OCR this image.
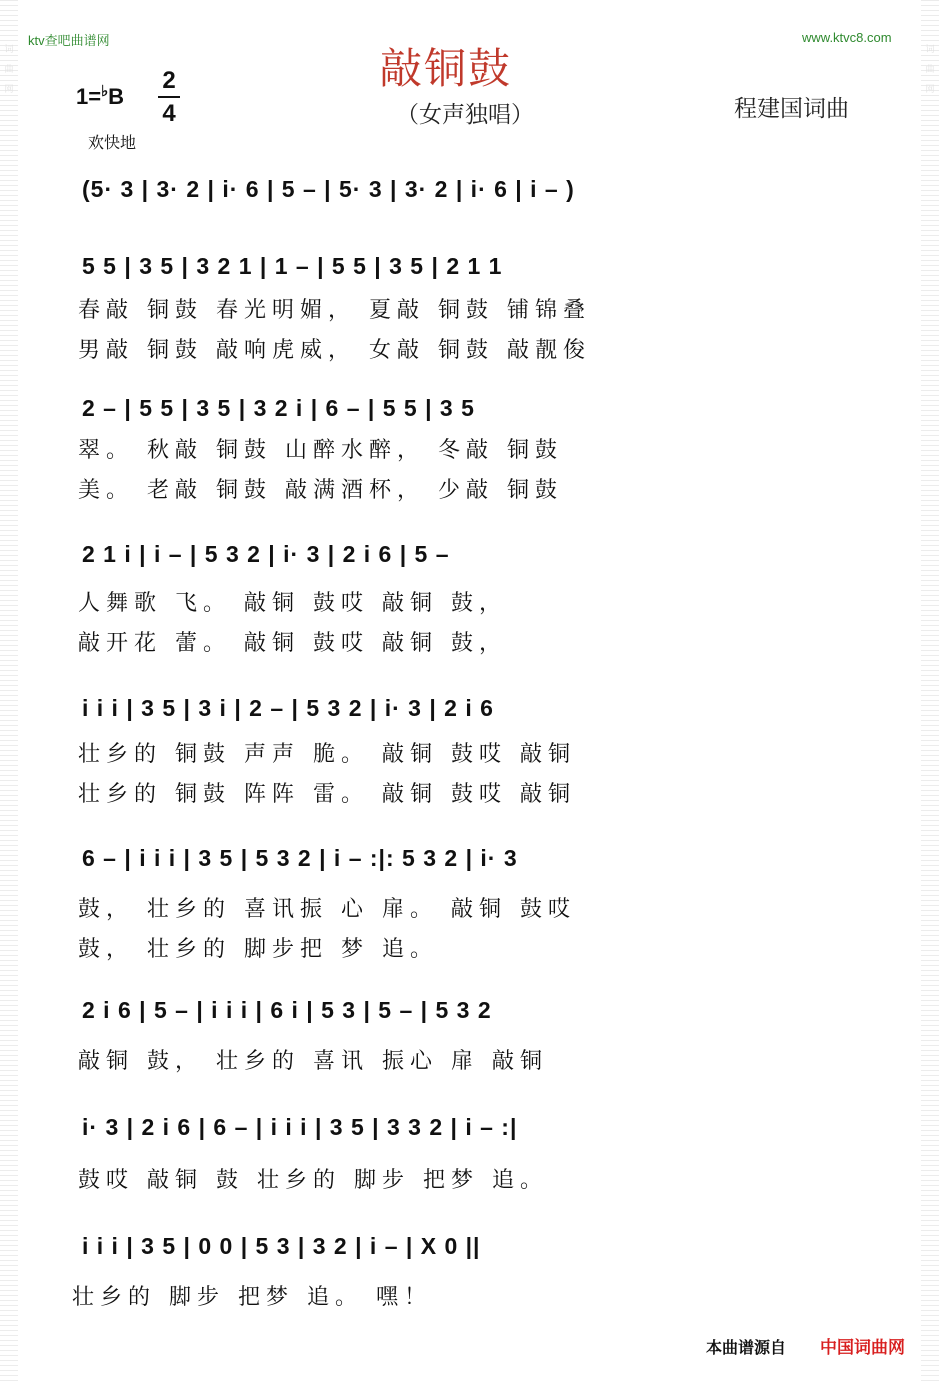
词曲网
词曲网
ktv查吧曲谱网	www.ktvc8.com
敲铜鼓
（女声独唱）	程建国词曲
1=♭B
2
4
欢快地
(5· 3 | 3· 2 | i· 6 | 5 – | 5· 3 | 3· 2 | i· 6 | i – )
5 5 | 3 5 | 3 2 1 | 1 – | 5 5 | 3 5 | 2 1 1
春敲 铜鼓 春光明媚， 夏敲 铜鼓 铺锦叠
男敲 铜鼓 敲响虎威， 女敲 铜鼓 敲靓俊
2 – | 5 5 | 3 5 | 3 2 i | 6 – | 5 5 | 3 5
翠。 秋敲 铜鼓 山醉水醉， 冬敲 铜鼓
美。 老敲 铜鼓 敲满酒杯， 少敲 铜鼓
2 1 i | i – | 5 3 2 | i· 3 | 2 i 6 | 5 –
人舞歌 飞。 敲铜 鼓哎 敲铜 鼓，
敲开花 蕾。 敲铜 鼓哎 敲铜 鼓，
i i i | 3 5 | 3 i | 2 – | 5 3 2 | i· 3 | 2 i 6
壮乡的 铜鼓 声声 脆。 敲铜 鼓哎 敲铜
壮乡的 铜鼓 阵阵 雷。 敲铜 鼓哎 敲铜
6 – | i i i | 3 5 | 5 3 2 | i – :|: 5 3 2 | i· 3
鼓， 壮乡的 喜讯振 心 扉。 敲铜 鼓哎
鼓， 壮乡的 脚步把 梦 追。
2 i 6 | 5 – | i i i | 6 i | 5 3 | 5 – | 5 3 2
敲铜 鼓， 壮乡的 喜讯 振心 扉 敲铜
i· 3 | 2 i 6 | 6 – | i i i | 3 5 | 3 3 2 | i – :|
鼓哎 敲铜 鼓 壮乡的 脚步 把梦 追。
i i i | 3 5 | 0 0 | 5 3 | 3 2 | i – | X 0 ||
壮乡的 脚步 把梦 追。 嘿！
本曲谱源自 中国词曲网
